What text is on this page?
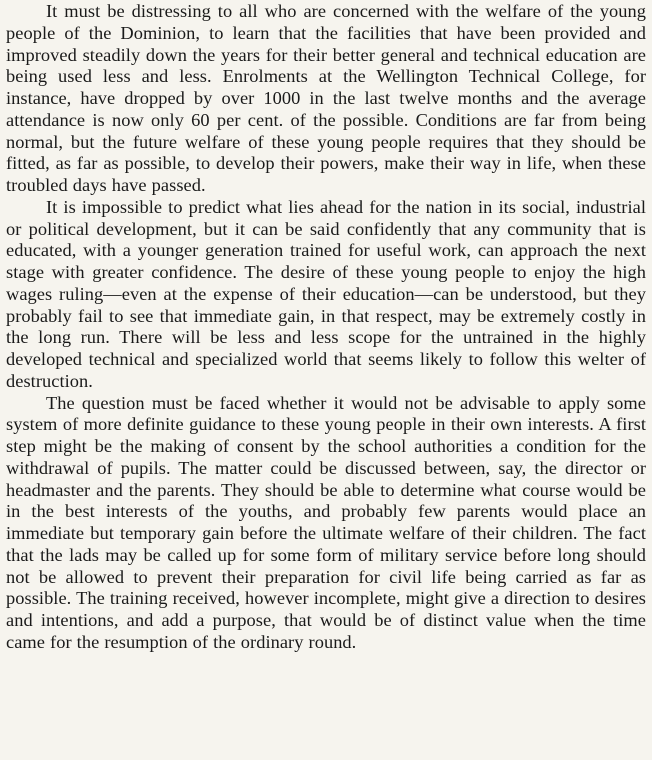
It must be distressing to all who are concerned with the welfare of the young people of the Dominion, to learn that the facilities that have been provided and improved steadily down the years for their better general and technical education are being used less and less. Enrolments at the Wellington Technical College, for instance, have dropped by over 1000 in the last twelve months and the average attendance is now only 60 per cent. of the possible. Conditions are far from being normal, but the future welfare of these young people requires that they should be fitted, as far as possible, to develop their powers, make their way in life, when these troubled days have passed.

It is impossible to predict what lies ahead for the nation in its social, industrial or political development, but it can be said confidently that any community that is educated, with a younger generation trained for useful work, can approach the next stage with greater confidence. The desire of these young people to enjoy the high wages ruling—even at the expense of their education—can be understood, but they probably fail to see that immediate gain, in that respect, may be extremely costly in the long run. There will be less and less scope for the untrained in the highly developed technical and specialized world that seems likely to follow this welter of destruction.

The question must be faced whether it would not be advisable to apply some system of more definite guidance to these young people in their own interests. A first step might be the making of consent by the school authorities a condition for the withdrawal of pupils. The matter could be discussed between, say, the director or headmaster and the parents. They should be able to determine what course would be in the best interests of the youths, and probably few parents would place an immediate but temporary gain before the ultimate welfare of their children. The fact that the lads may be called up for some form of military service before long should not be allowed to prevent their preparation for civil life being carried as far as possible. The training received, however incomplete, might give a direction to desires and intentions, and add a purpose, that would be of distinct value when the time came for the resumption of the ordinary round.
